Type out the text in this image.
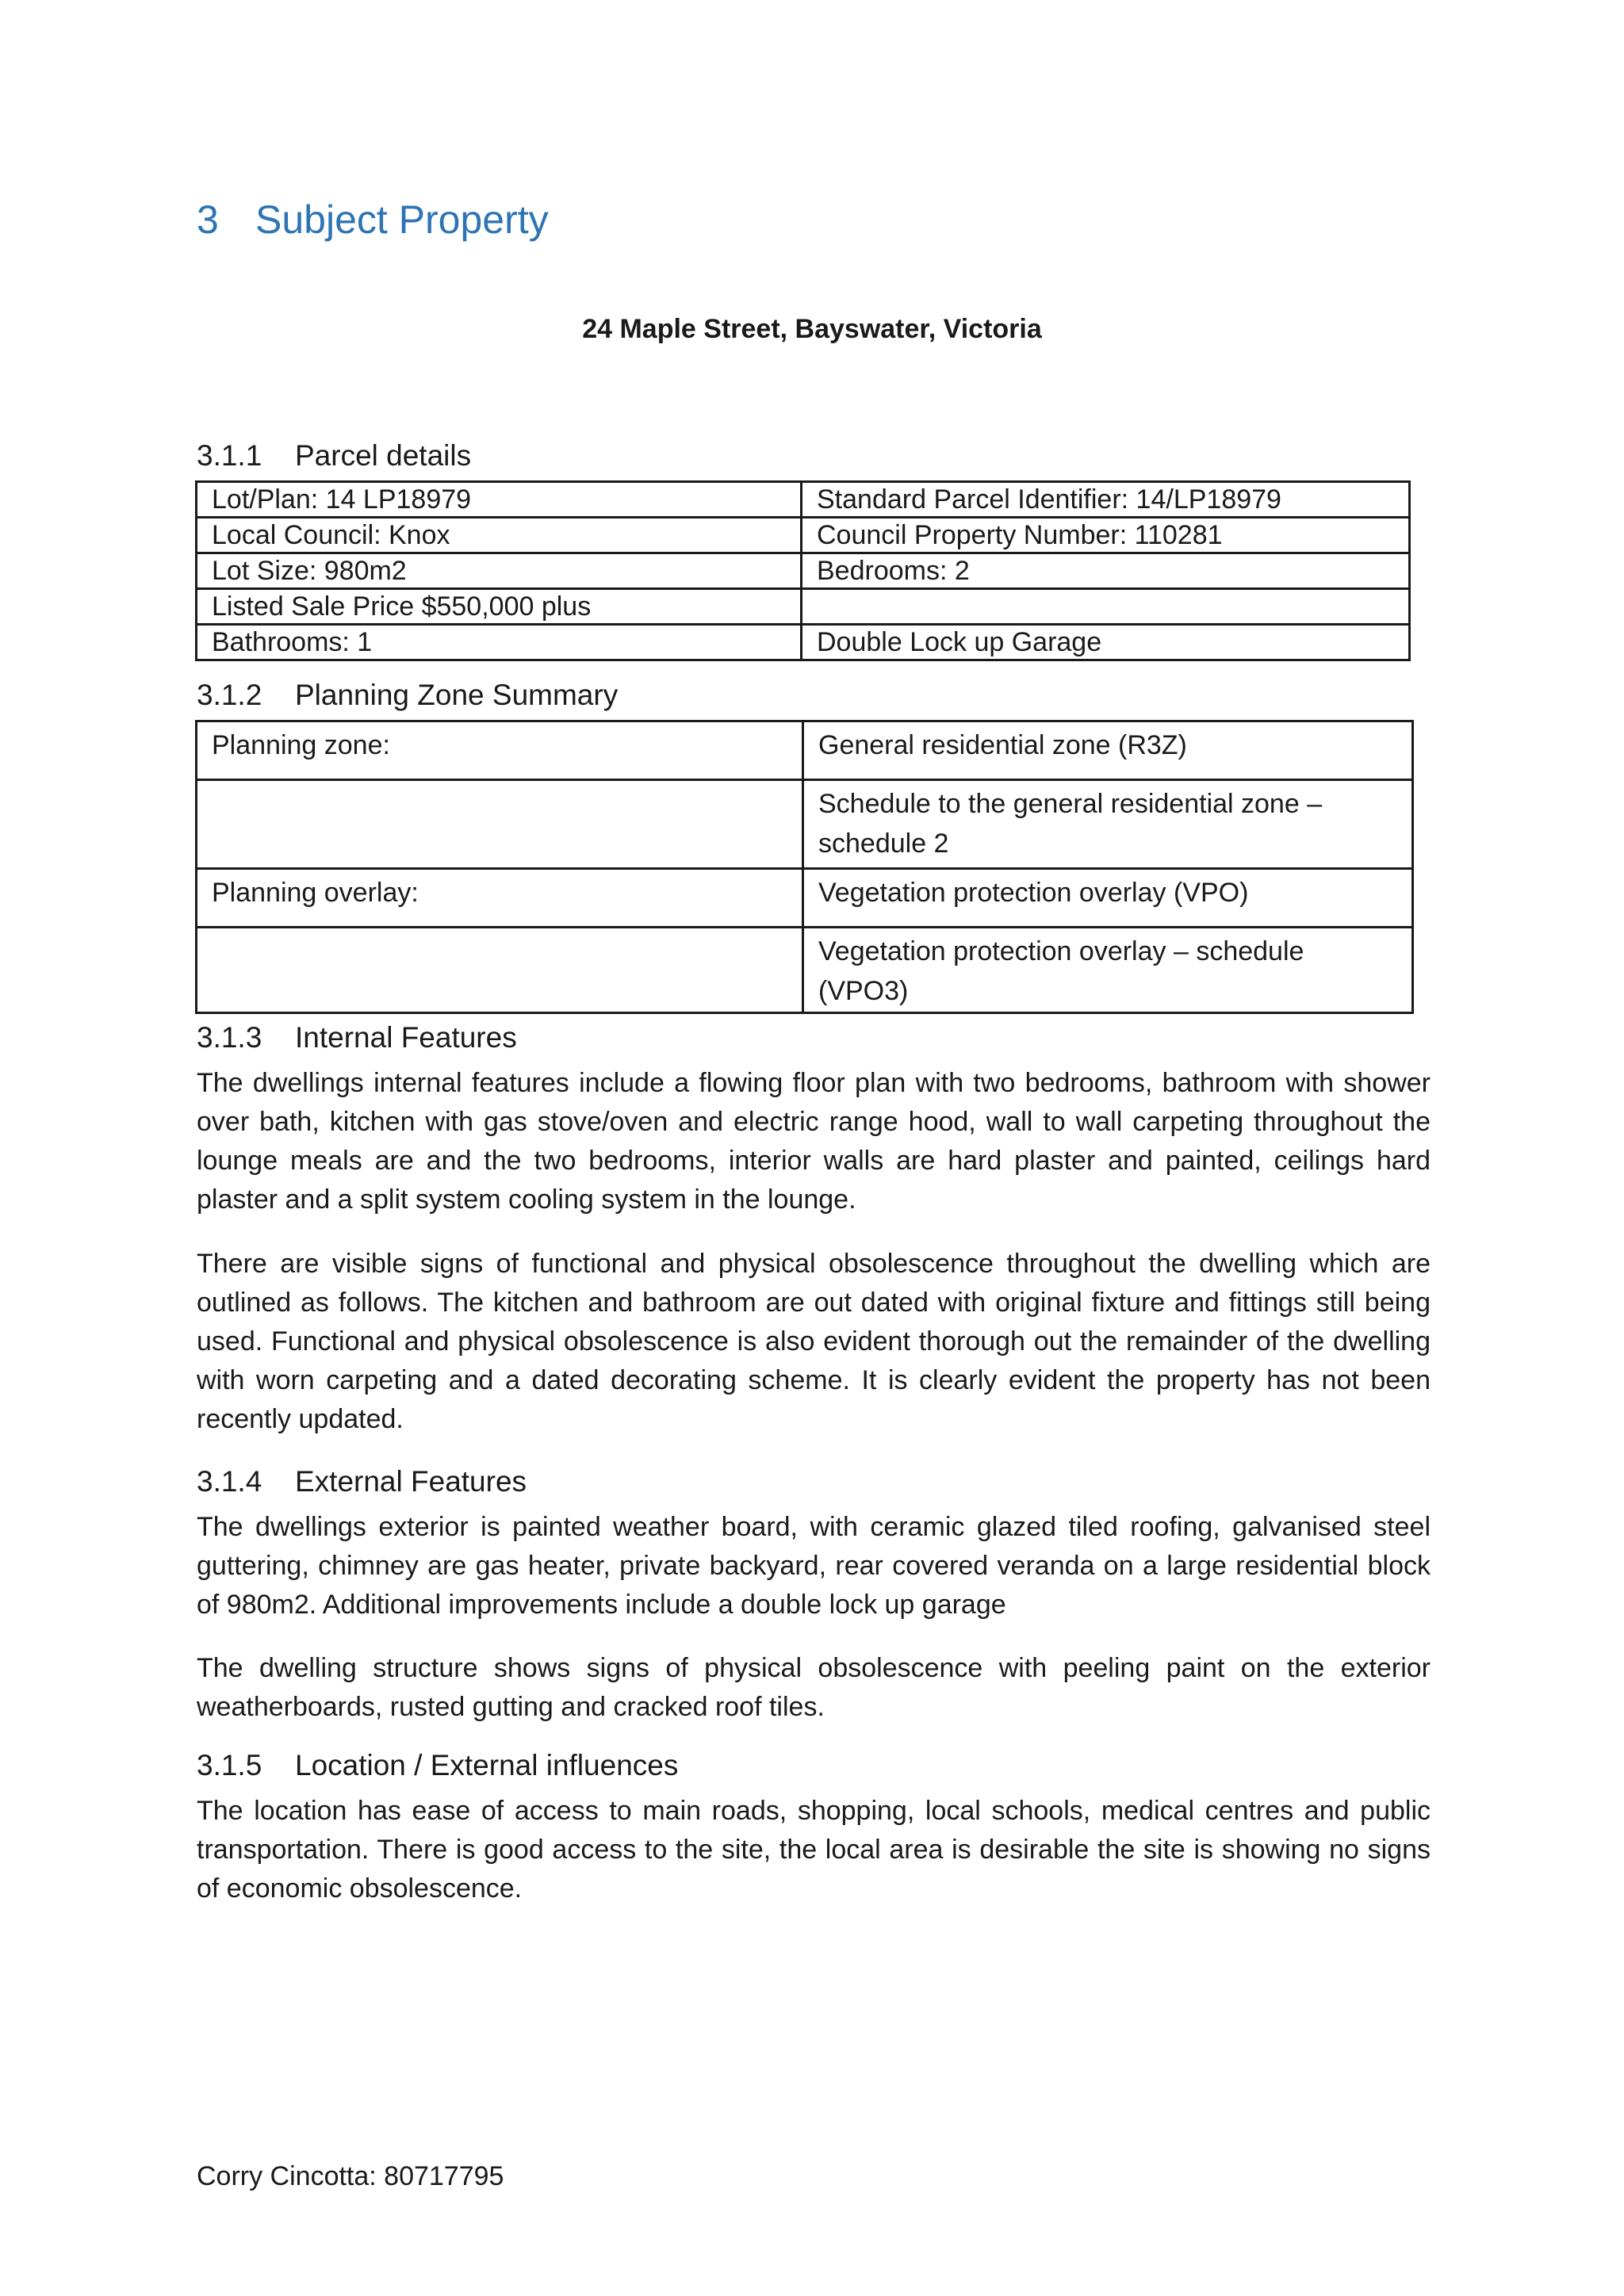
3 Subject Property
24 Maple Street, Bayswater, Victoria
3.1.1 Parcel details
Lot/Plan: 14 LP18979	Standard Parcel Identifier: 14/LP18979
Local Council: Knox	Council Property Number: 110281
Lot Size: 980m2	Bedrooms: 2
Listed Sale Price $550,000 plus	
Bathrooms: 1	Double Lock up Garage
3.1.2 Planning Zone Summary
Planning zone:	General residential zone (R3Z)
	Schedule to the general residential zone – schedule 2
Planning overlay:	Vegetation protection overlay (VPO)
	Vegetation protection overlay – schedule (VPO3)
3.1.3 Internal Features
The dwellings internal features include a flowing floor plan with two bedrooms, bathroom with shower over bath, kitchen with gas stove/oven and electric range hood, wall to wall carpeting throughout the lounge meals are and the two bedrooms, interior walls are hard plaster and painted, ceilings hard plaster and a split system cooling system in the lounge.
There are visible signs of functional and physical obsolescence throughout the dwelling which are outlined as follows. The kitchen and bathroom are out dated with original fixture and fittings still being used. Functional and physical obsolescence is also evident thorough out the remainder of the dwelling with worn carpeting and a dated decorating scheme. It is clearly evident the property has not been recently updated.
3.1.4 External Features
The dwellings exterior is painted weather board, with ceramic glazed tiled roofing, galvanised steel guttering, chimney are gas heater, private backyard, rear covered veranda on a large residential block of 980m2. Additional improvements include a double lock up garage
The dwelling structure shows signs of physical obsolescence with peeling paint on the exterior weatherboards, rusted gutting and cracked roof tiles.
3.1.5 Location / External influences
The location has ease of access to main roads, shopping, local schools, medical centres and public transportation. There is good access to the site, the local area is desirable the site is showing no signs of economic obsolescence.
Corry Cincotta: 80717795
